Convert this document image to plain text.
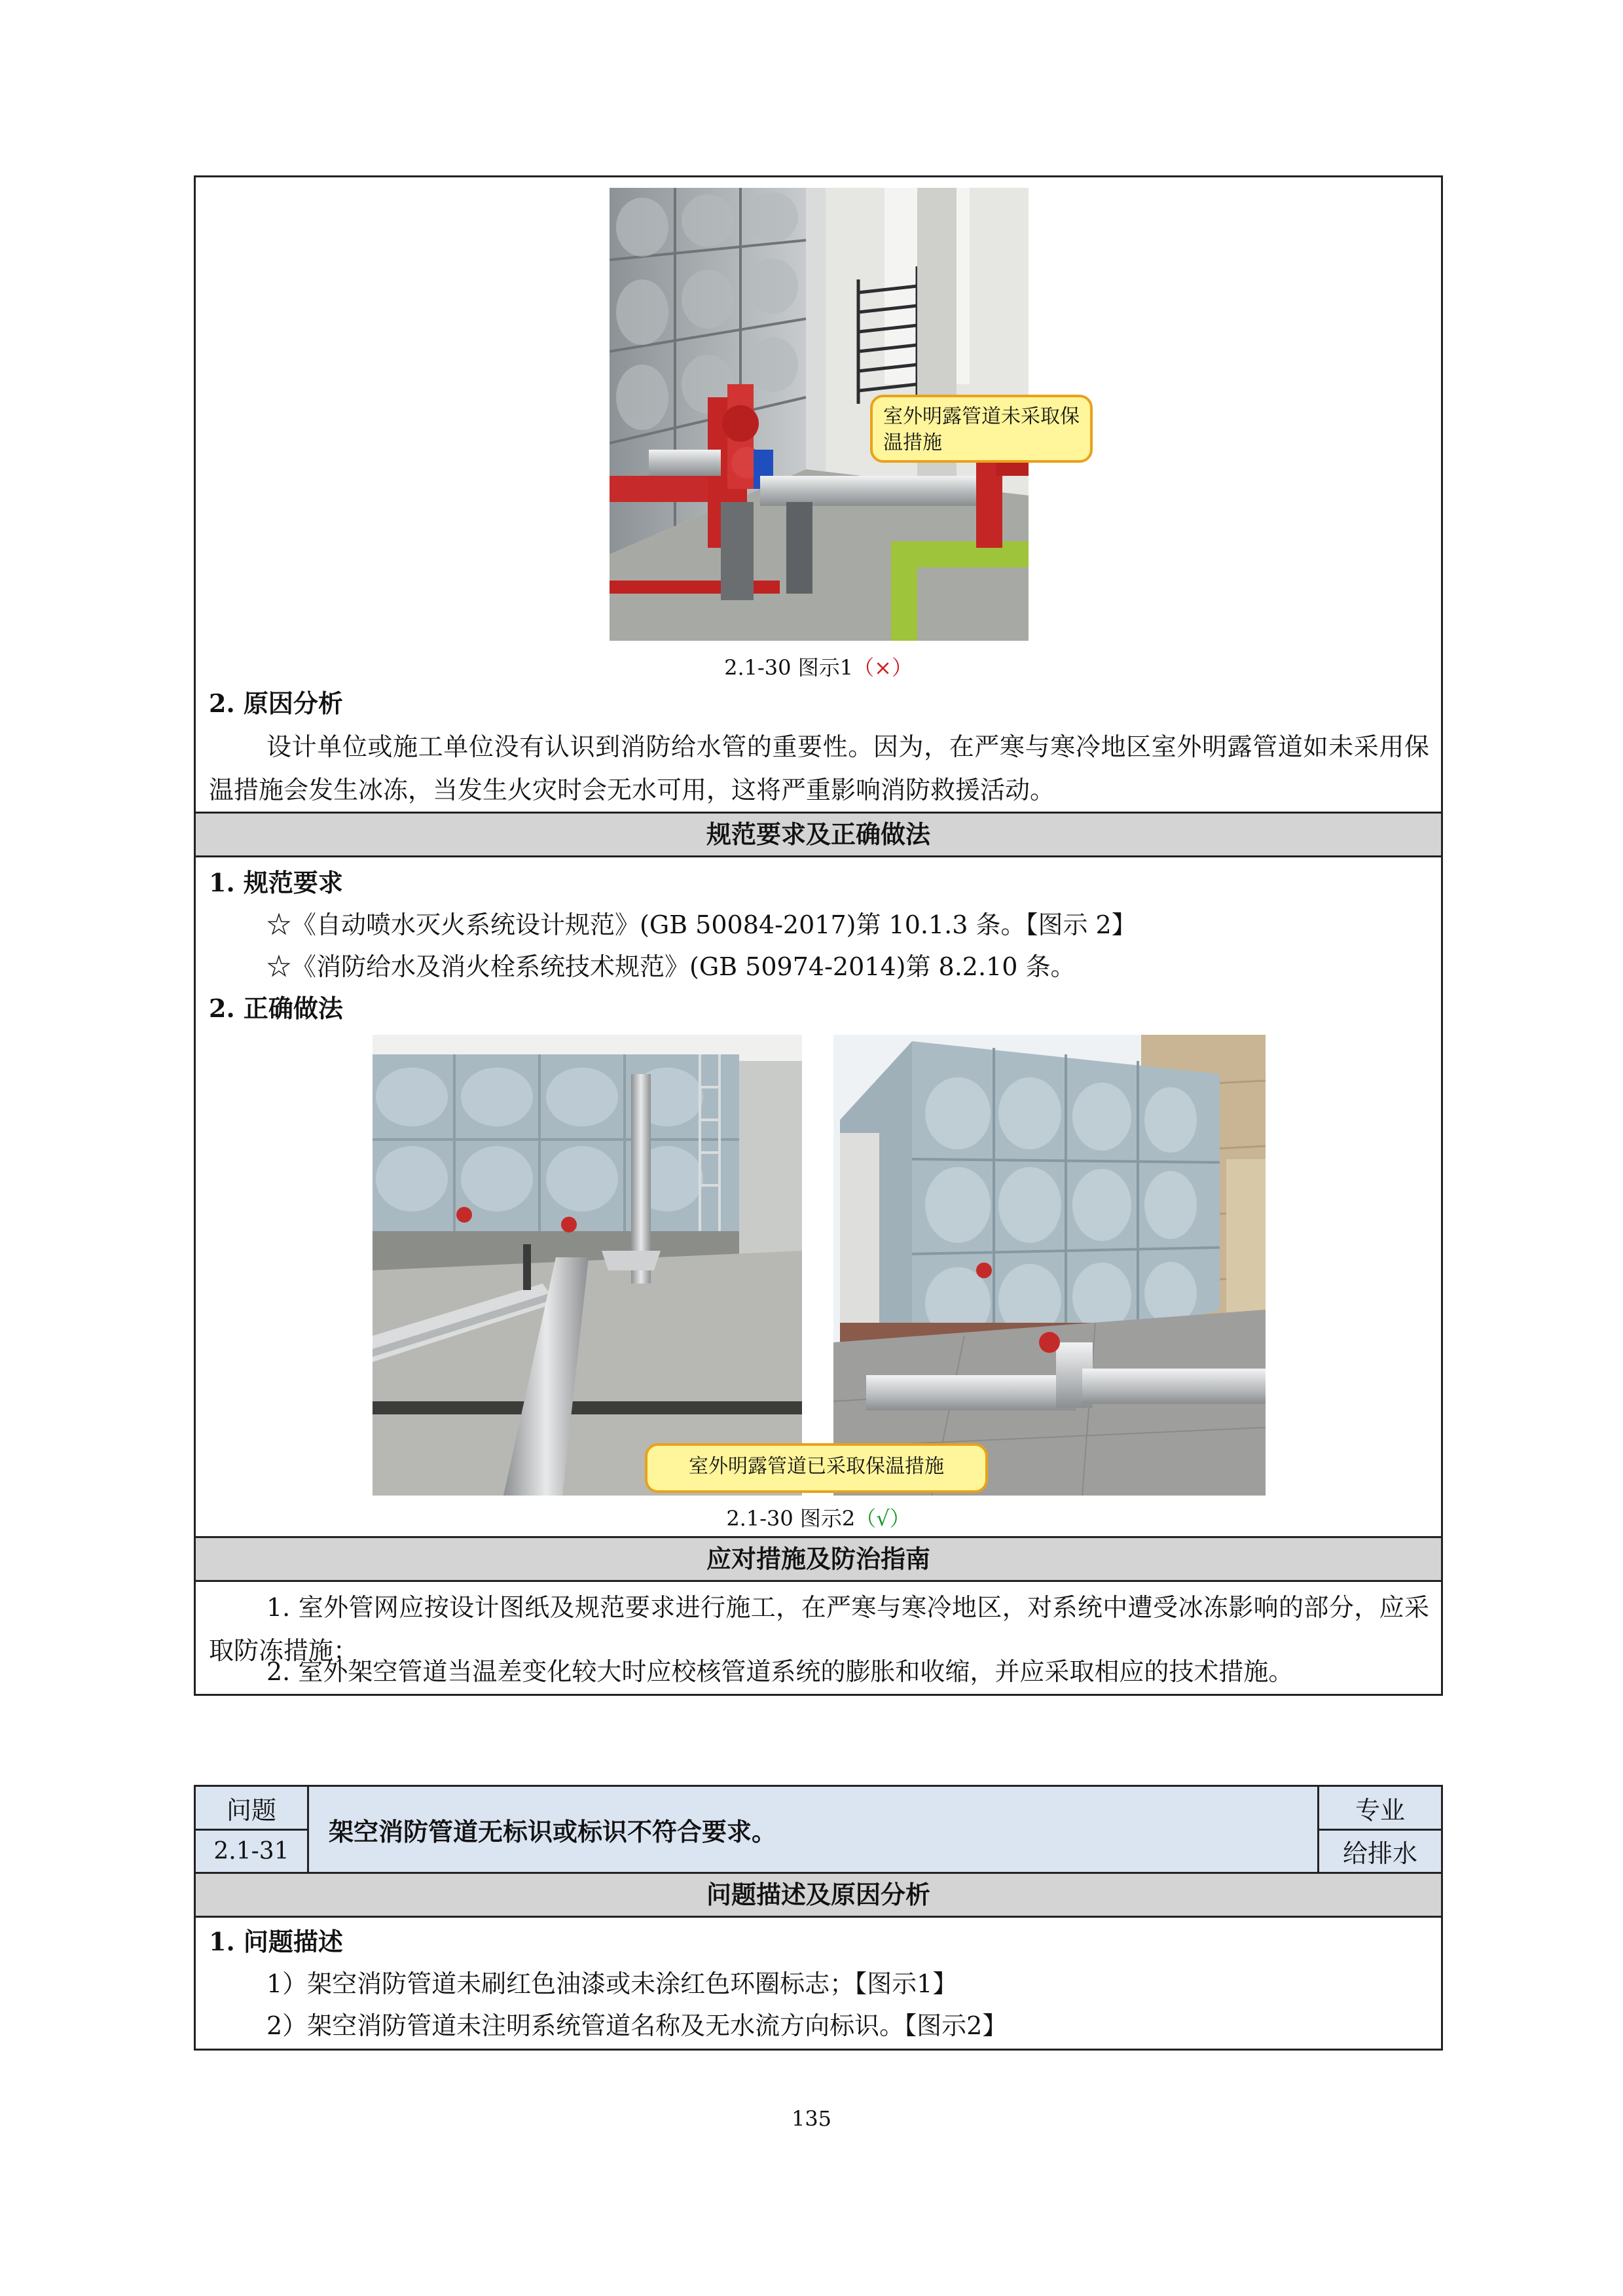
室外明露管道未采取保温措施
2.1-30 图示1（×）
2. 原因分析
设计单位或施工单位没有认识到消防给水管的重要性。因为，在严寒与寒冷地区室外明露管道如未采用保温措施会发生冰冻，当发生火灾时会无水可用，这将严重影响消防救援活动。
规范要求及正确做法
1. 规范要求
☆《自动喷水灭火系统设计规范》(GB 50084-2017)第 10.1.3 条。【图示 2】
☆《消防给水及消火栓系统技术规范》(GB 50974-2014)第 8.2.10 条。
2. 正确做法
室外明露管道已采取保温措施
2.1-30 图示2（√）
应对措施及防治指南
1. 室外管网应按设计图纸及规范要求进行施工，在严寒与寒冷地区，对系统中遭受冰冻影响的部分，应采取防冻措施；
2. 室外架空管道当温差变化较大时应校核管道系统的膨胀和收缩，并应采取相应的技术措施。
问题
2.1-31
架空消防管道无标识或标识不符合要求。
专业
给排水
问题描述及原因分析
1. 问题描述
1）架空消防管道未刷红色油漆或未涂红色环圈标志；【图示1】
2）架空消防管道未注明系统管道名称及无水流方向标识。【图示2】
135
